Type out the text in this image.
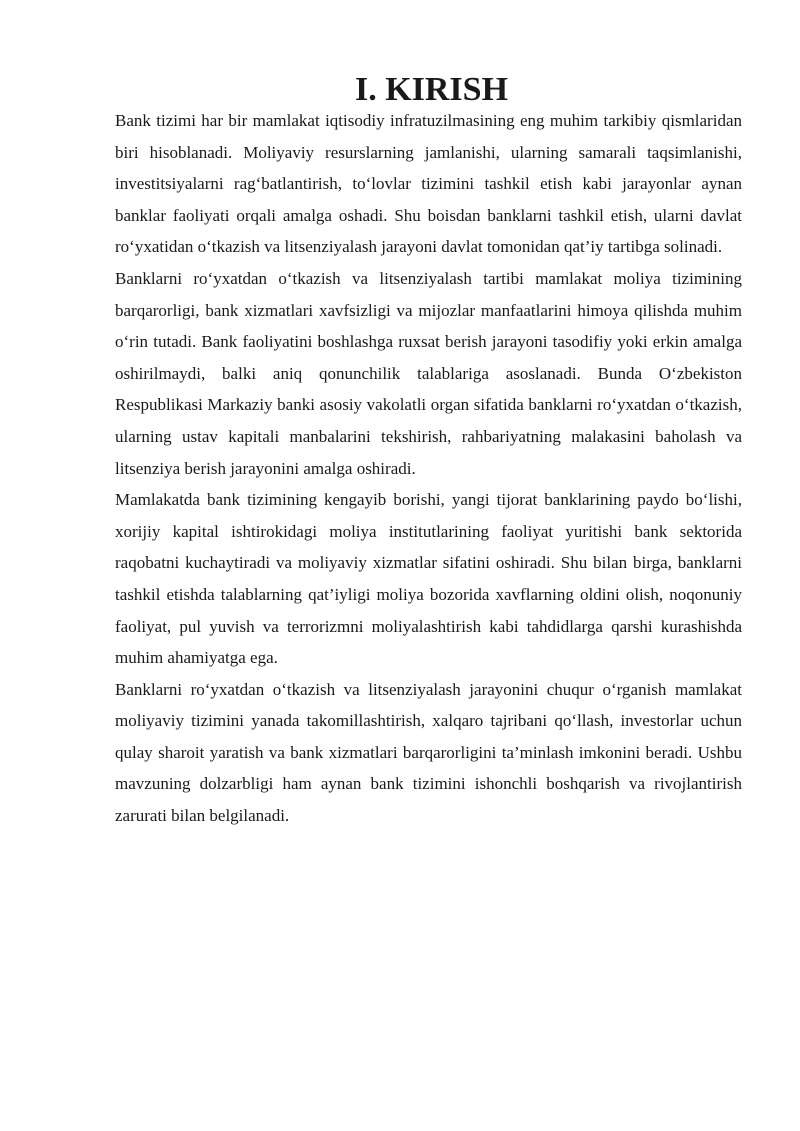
I. KIRISH

Bank tizimi har bir mamlakat iqtisodiy infratuzilmasining eng muhim tarkibiy qismlaridan biri hisoblanadi. Moliyaviy resurslarning jamlanishi, ularning samarali taqsimlanishi, investitsiyalarni rag‘batlantirish, to‘lovlar tizimini tashkil etish kabi jarayonlar aynan banklar faoliyati orqali amalga oshadi. Shu boisdan banklarni tashkil etish, ularni davlat ro‘yxatidan o‘tkazish va litsenziyalash jarayoni davlat tomonidan qat’iy tartibga solinadi.

Banklarni ro‘yxatdan o‘tkazish va litsenziyalash tartibi mamlakat moliya tizimining barqarorligi, bank xizmatlari xavfsizligi va mijozlar manfaatlarini himoya qilishda muhim o‘rin tutadi. Bank faoliyatini boshlashga ruxsat berish jarayoni tasodifiy yoki erkin amalga oshirilmaydi, balki aniq qonunchilik talablariga asoslanadi. Bunda O‘zbekiston Respublikasi Markaziy banki asosiy vakolatli organ sifatida banklarni ro‘yxatdan o‘tkazish, ularning ustav kapitali manbalarini tekshirish, rahbariyatning malakasini baholash va litsenziya berish jarayonini amalga oshiradi.

Mamlakatda bank tizimining kengayib borishi, yangi tijorat banklarining paydo bo‘lishi, xorijiy kapital ishtirokidagi moliya institutlarining faoliyat yuritishi bank sektorida raqobatni kuchaytiradi va moliyaviy xizmatlar sifatini oshiradi. Shu bilan birga, banklarni tashkil etishda talablarning qat’iyligi moliya bozorida xavflarning oldini olish, noqonuniy faoliyat, pul yuvish va terrorizmni moliyalashtirish kabi tahdidlarga qarshi kurashishda muhim ahamiyatga ega.

Banklarni ro‘yxatdan o‘tkazish va litsenziyalash jarayonini chuqur o‘rganish mamlakat moliyaviy tizimini yanada takomillashtirish, xalqaro tajribani qo‘llash, investorlar uchun qulay sharoit yaratish va bank xizmatlari barqarorligini ta’minlash imkonini beradi. Ushbu mavzuning dolzarbligi ham aynan bank tizimini ishonchli boshqarish va rivojlantirish zarurati bilan belgilanadi.
